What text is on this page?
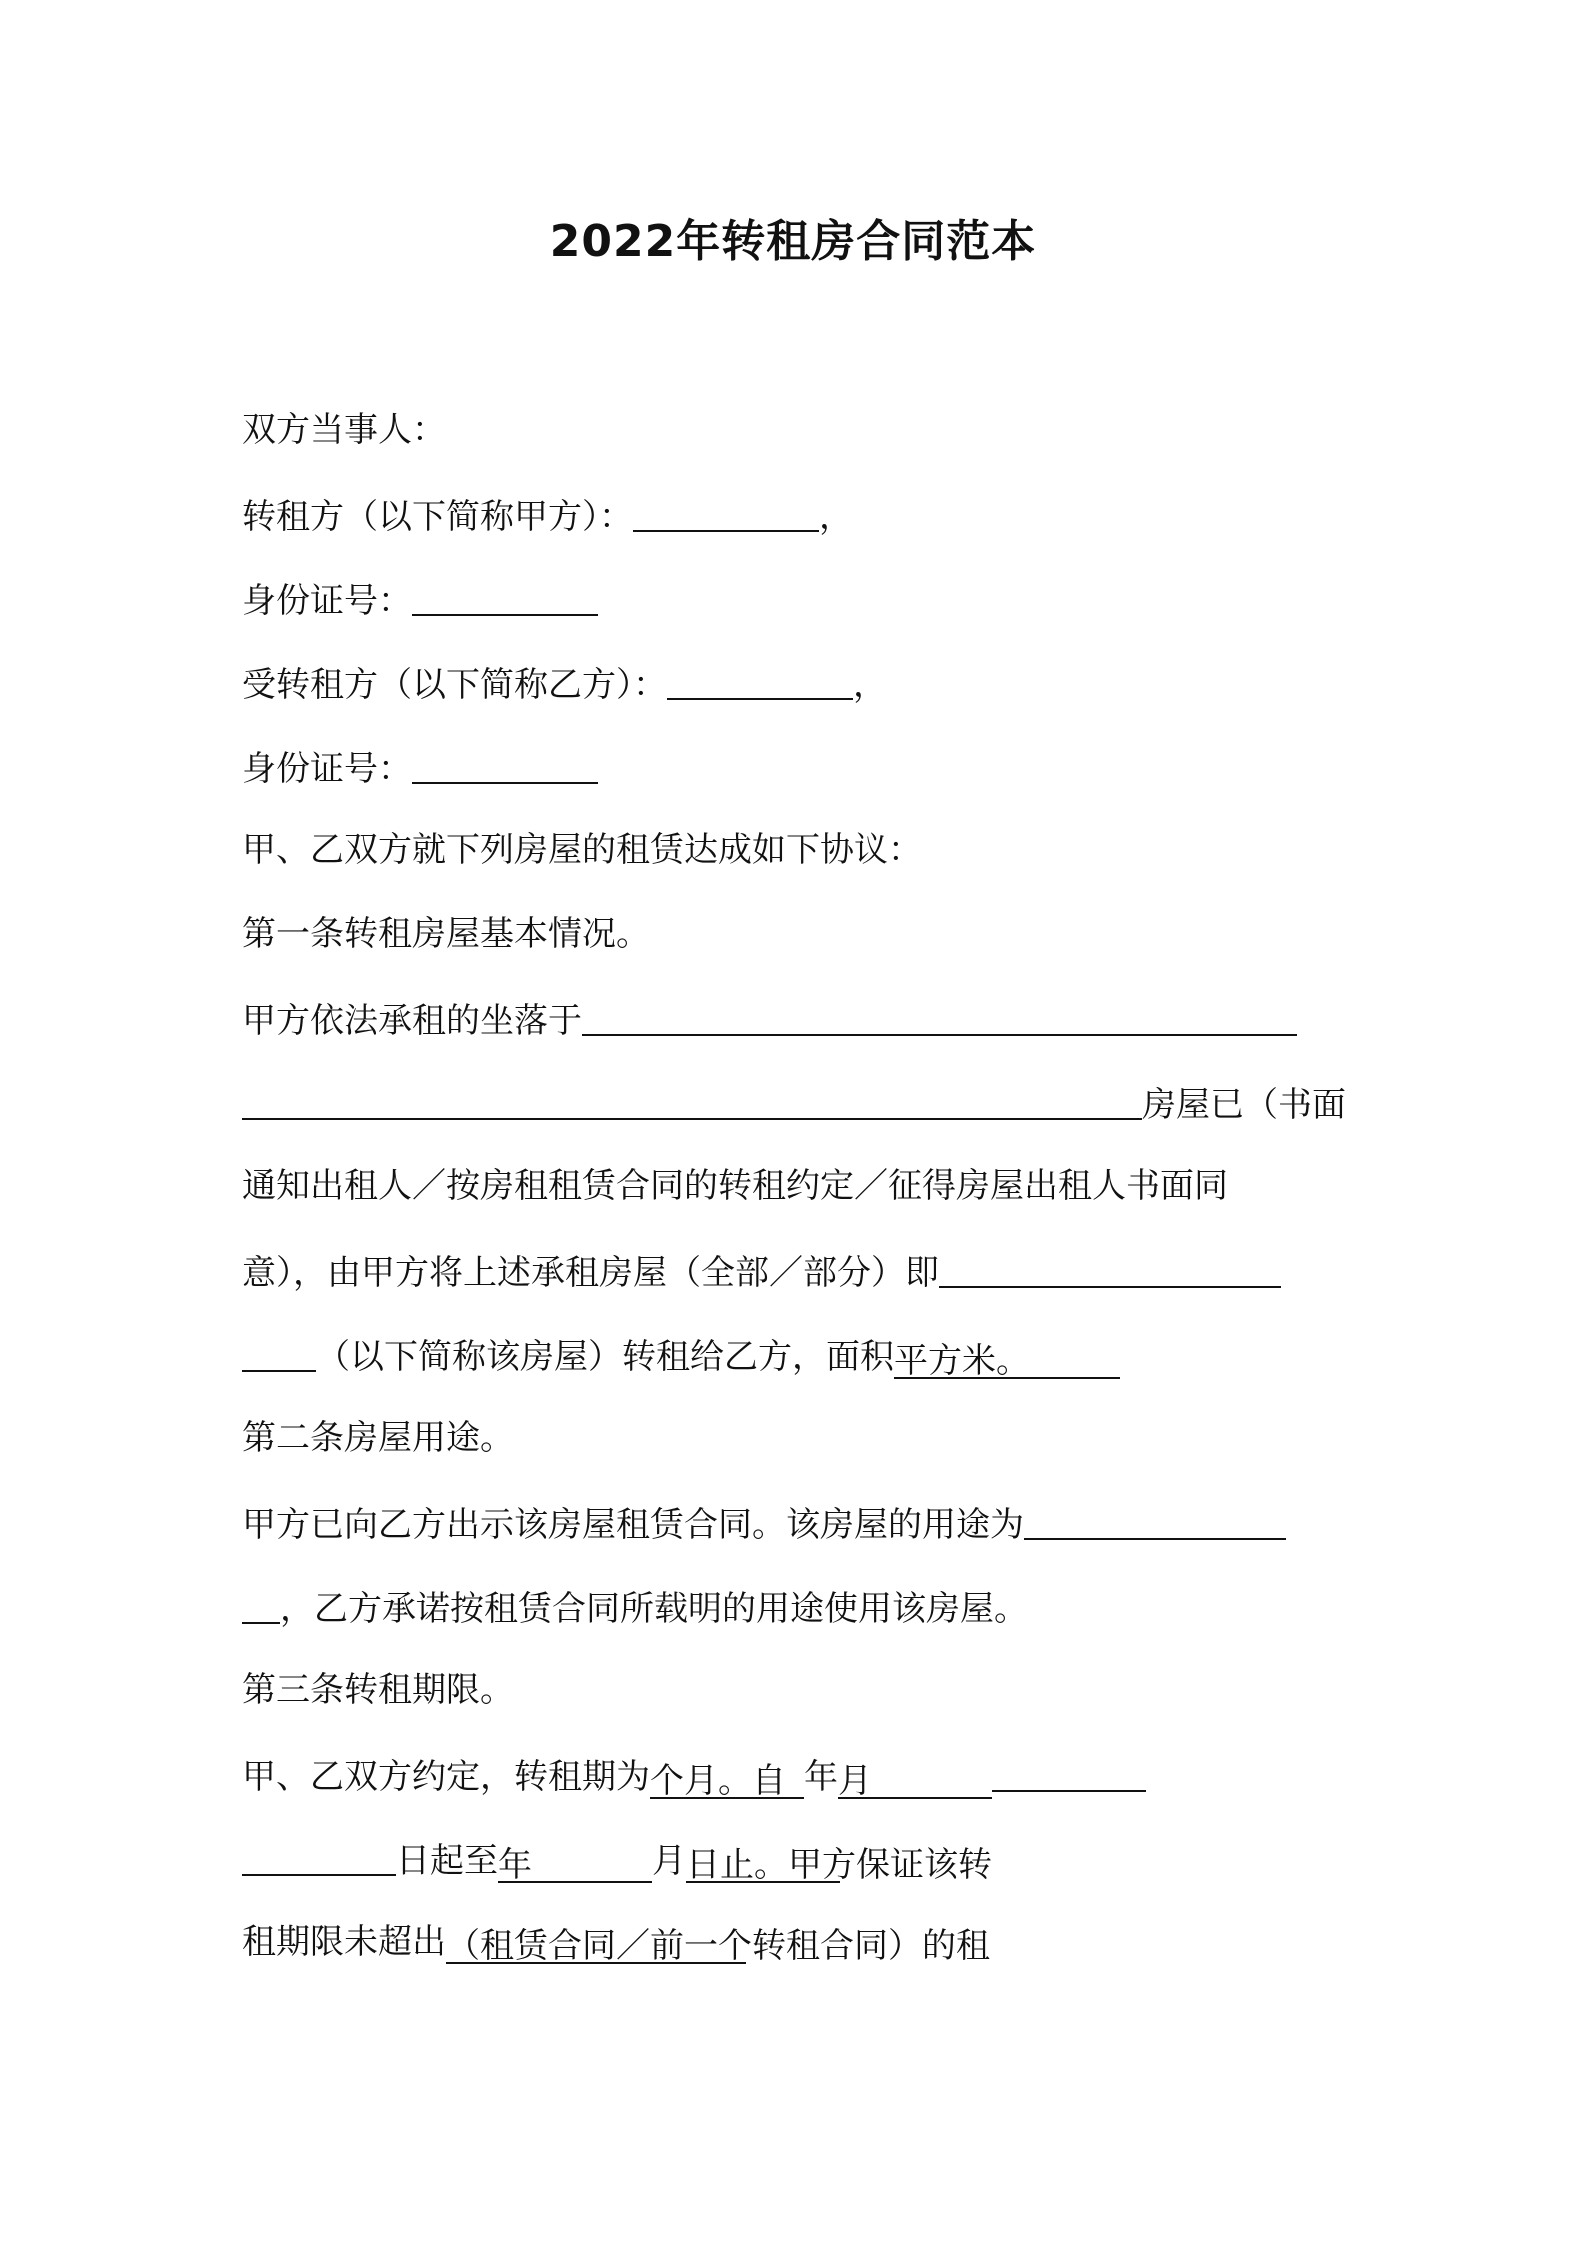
2022年转租房合同范本
双方当事人：
转租方（以下简称甲方）：	，
身份证号：
受转租方（以下简称乙方）：	，
身份证号：
甲、乙双方就下列房屋的租赁达成如下协议：
第一条转租房屋基本情况。
甲方依法承租的坐落于
房屋已（书面
通知出租人／按房租租赁合同的转租约定／征得房屋出租人书面同
意），由甲方将上述承租房屋（全部／部分）即
（以下简称该房屋）转租给乙方，面积平方米。
第二条房屋用途。
甲方已向乙方出示该房屋租赁合同。该房屋的用途为
，乙方承诺按租赁合同所载明的用途使用该房屋。
第三条转租期限。
甲、乙双方约定，转租期为个月。自 年月
日起至年	月日止。甲方保证该转
租期限未超出（租赁合同／前一个转租合同）的租
